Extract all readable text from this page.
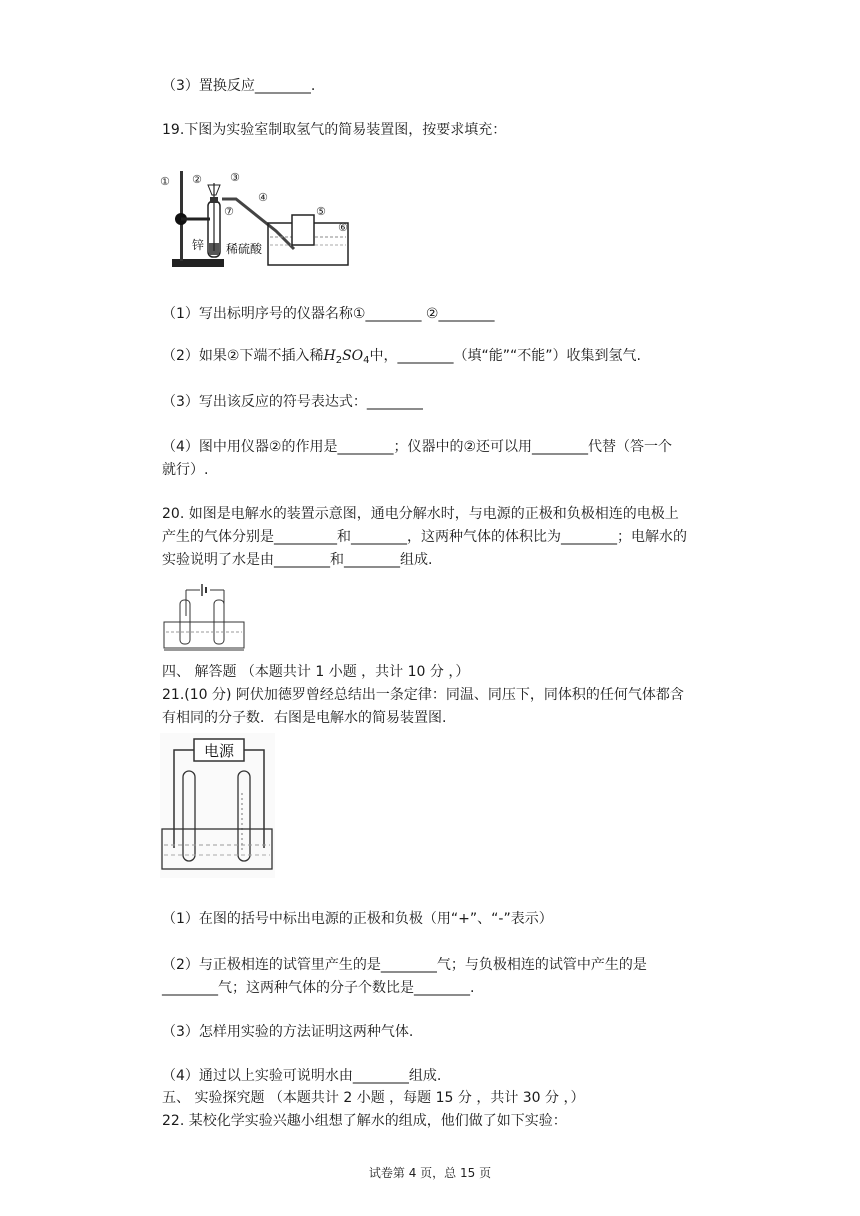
（3）置换反应________.
19.下图为实验室制取氢气的简易装置图，按要求填充：
① ②	③
④
⑤
⑥
⑦
锌 稀硫酸
（1）写出标明序号的仪器名称①________ ②________
（2）如果②下端不插入稀$H_2SO_4$中，________（填“能”“不能”）收集到氢气.
（3）写出该反应的符号表达式：________
（4）图中用仪器②的作用是________；仪器中的②还可以用________代替（答一个
就行）.
20. 如图是电解水的装置示意图，通电分解水时，与电源的正极和负极相连的电极上
产生的气体分别是_________和________，这两种气体的体积比为________；电解水的
实验说明了水是由________和________组成.
四、 解答题 （本题共计 1 小题 ，共计 10 分 ，）
21.(10 分) 阿伏加德罗曾经总结出一条定律：同温、同压下，同体积的任何气体都含
有相同的分子数．右图是电解水的简易装置图.
电源
（1）在图的括号中标出电源的正极和负极（用“+”、“-”表示）
（2）与正极相连的试管里产生的是________气；与负极相连的试管中产生的是
________气；这两种气体的分子个数比是________.
（3）怎样用实验的方法证明这两种气体.
（4）通过以上实验可说明水由________组成.
五、 实验探究题 （本题共计 2 小题 ，每题 15 分 ，共计 30 分 ，）
22. 某校化学实验兴趣小组想了解水的组成，他们做了如下实验：
试卷第 4 页，总 15 页
